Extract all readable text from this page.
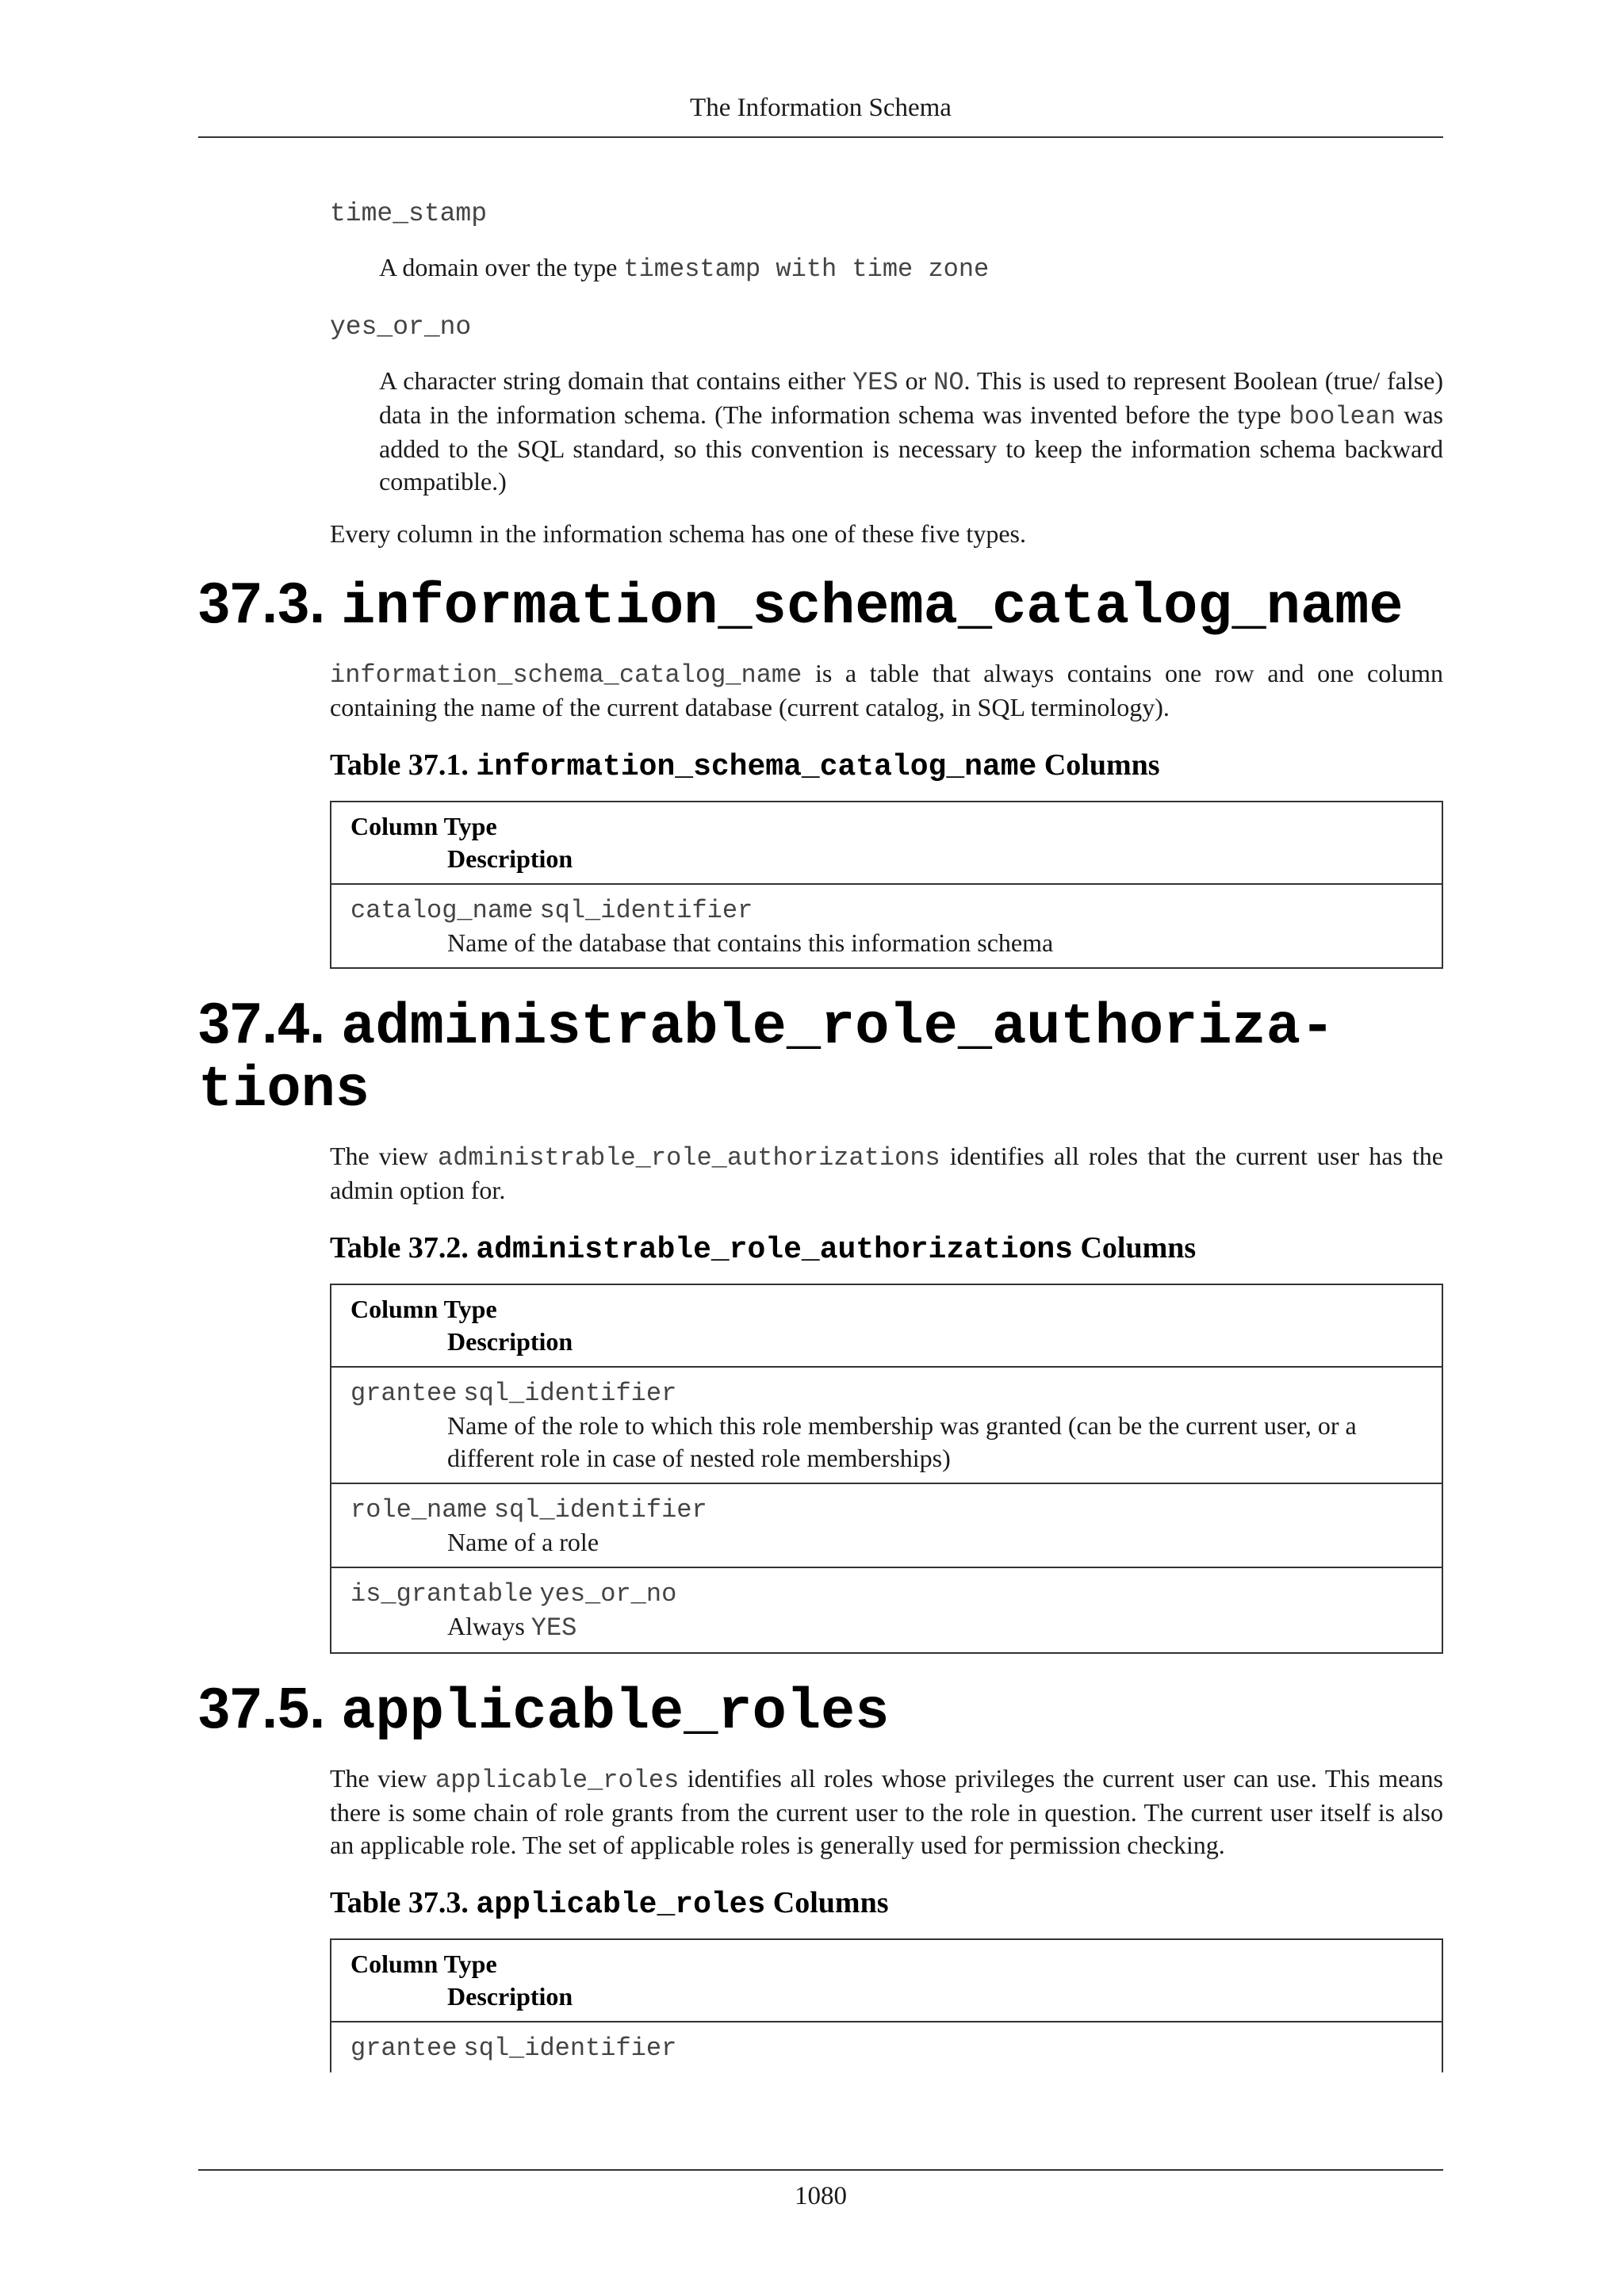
The Information Schema
time_stamp
A domain over the type timestamp with time zone
yes_or_no
A character string domain that contains either YES or NO. This is used to represent Boolean (true/ false) data in the information schema. (The information schema was invented before the type boolean was added to the SQL standard, so this convention is necessary to keep the information schema backward compatible.)
Every column in the information schema has one of these five types.
37.3. information_schema_catalog_name
information_schema_catalog_name is a table that always contains one row and one column containing the name of the current database (current catalog, in SQL terminology).
Table 37.1. information_schema_catalog_name Columns
Column Type
Description

catalog_name sql_identifier
Name of the database that contains this information schema
37.4. administrable_role_authoriza-
tions
The view administrable_role_authorizations identifies all roles that the current user has the admin option for.
Table 37.2. administrable_role_authorizations Columns
Column Type
Description

grantee sql_identifier
Name of the role to which this role membership was granted (can be the current user, or a different role in case of nested role memberships)

role_name sql_identifier
Name of a role

is_grantable yes_or_no
Always YES
37.5. applicable_roles
The view applicable_roles identifies all roles whose privileges the current user can use. This means there is some chain of role grants from the current user to the role in question. The current user itself is also an applicable role. The set of applicable roles is generally used for permission checking.
Table 37.3. applicable_roles Columns
Column Type
Description

grantee sql_identifier
1080
